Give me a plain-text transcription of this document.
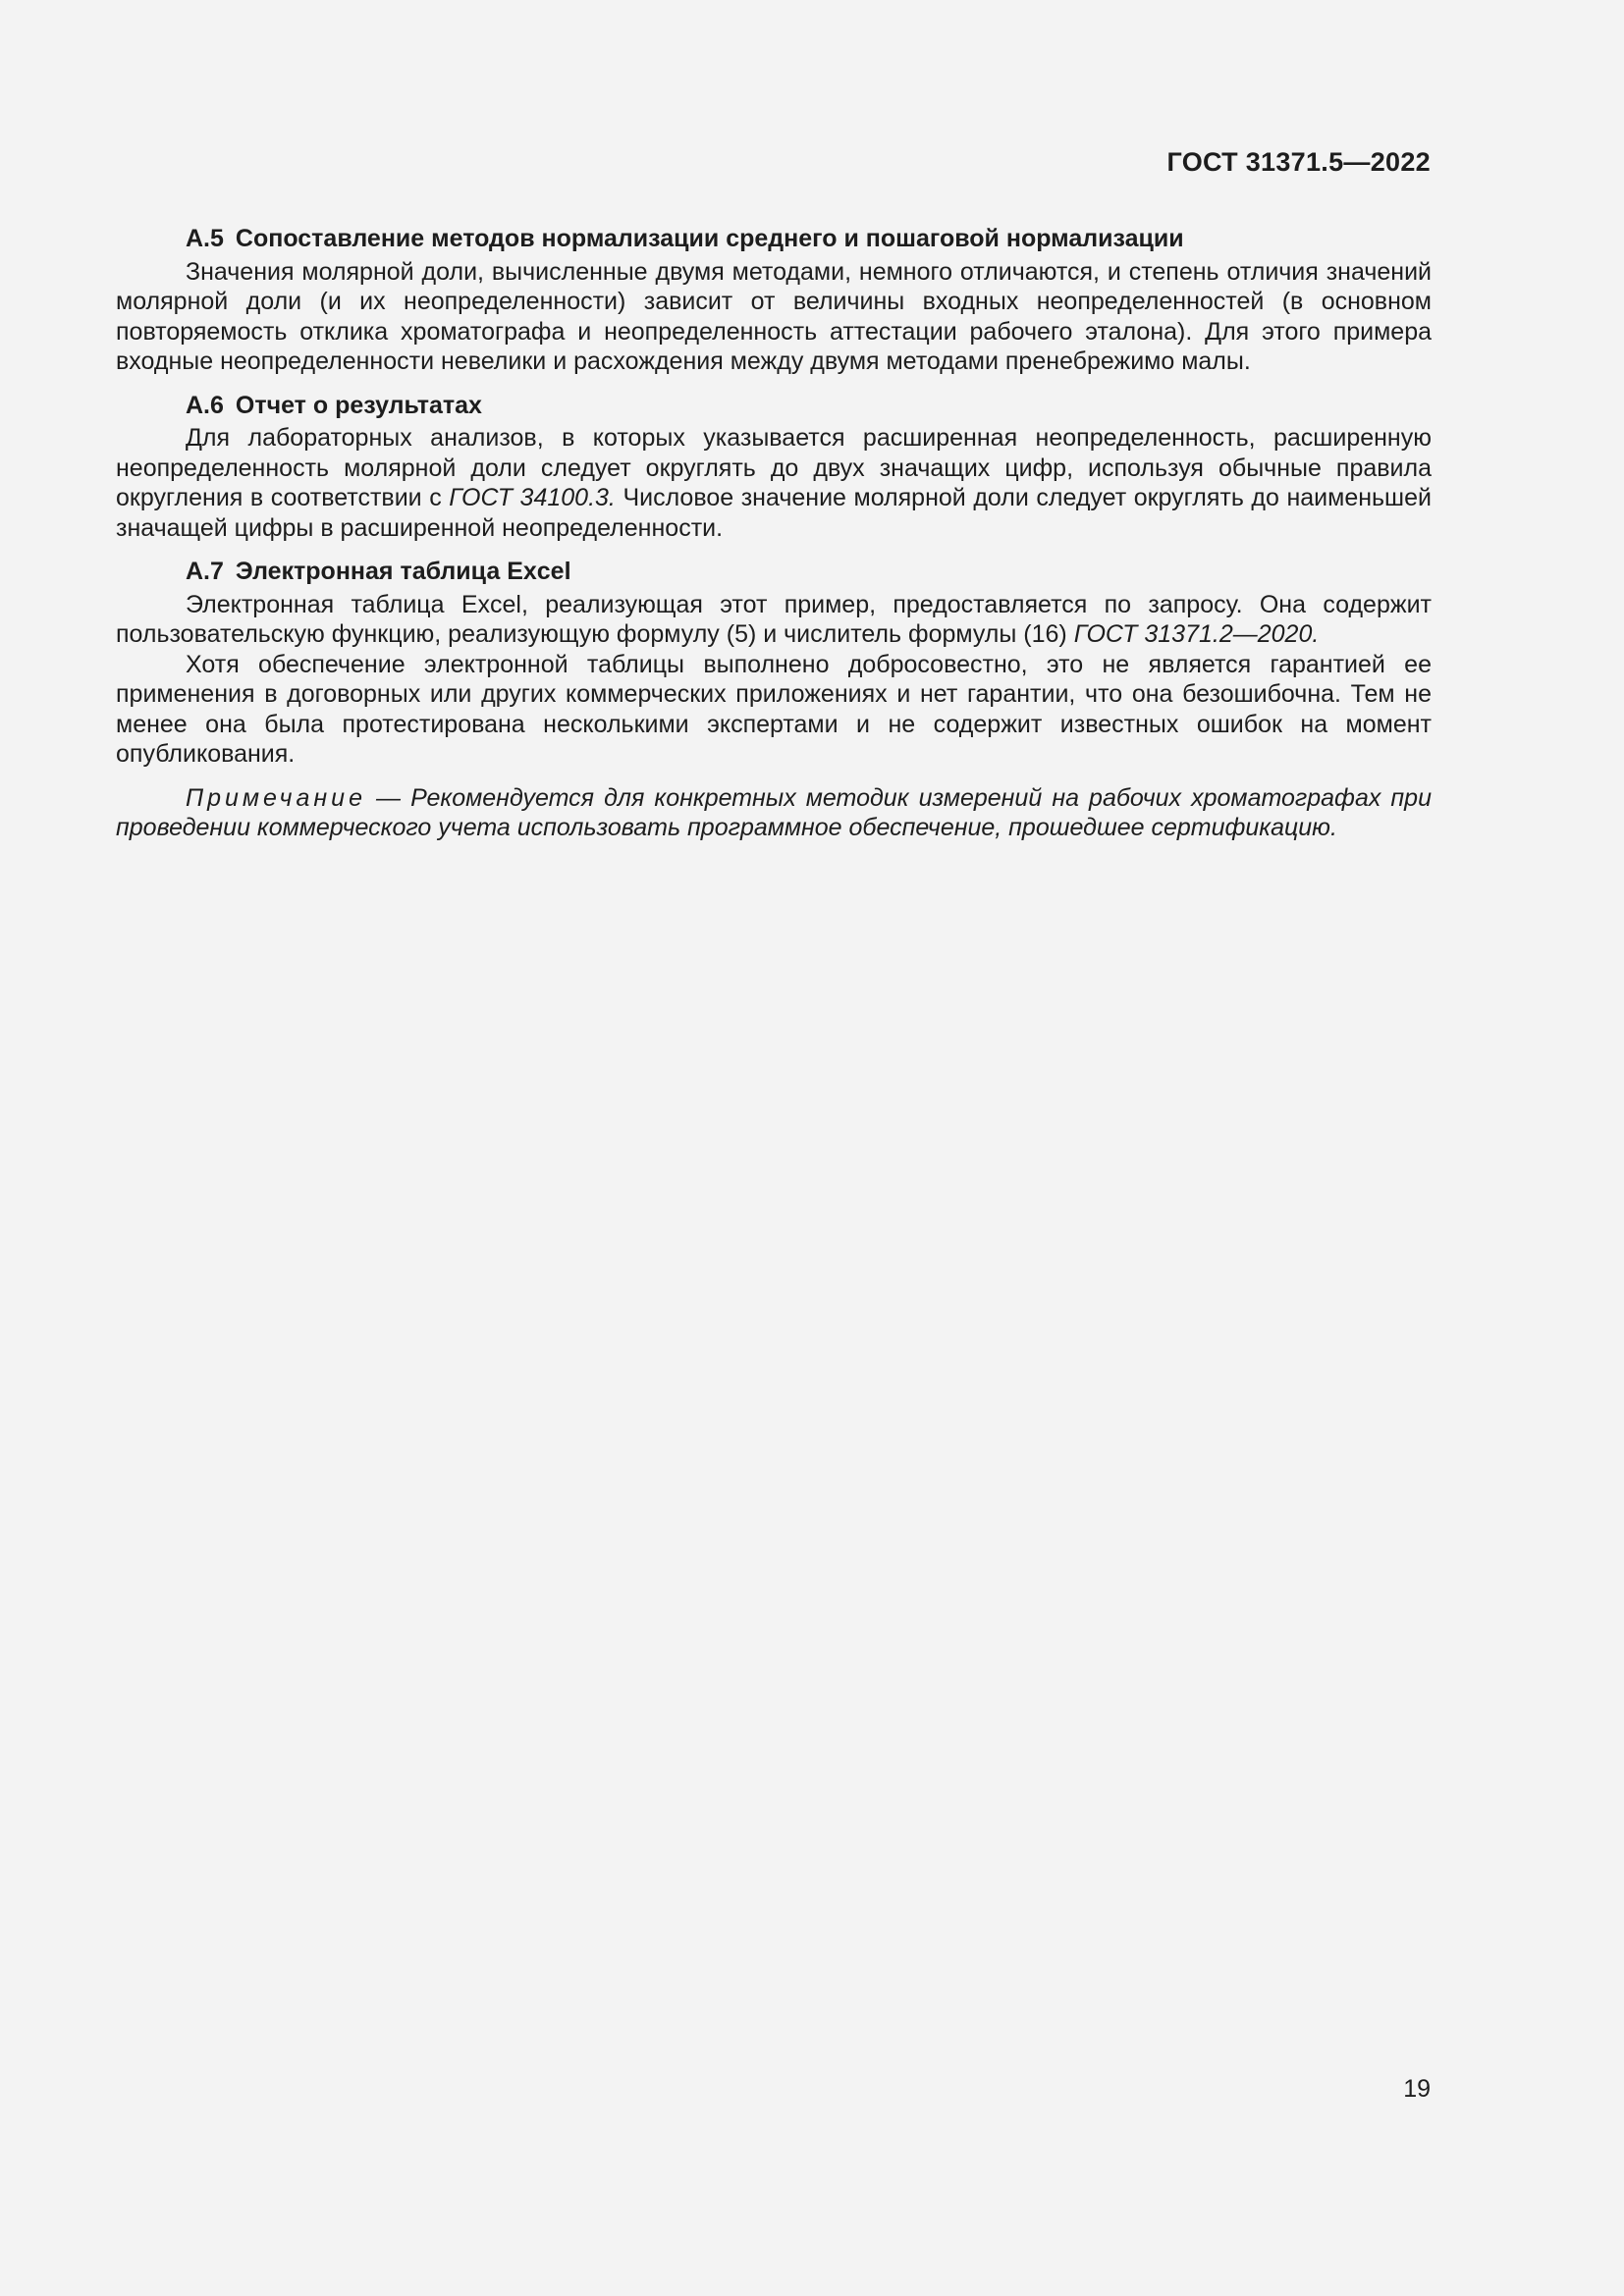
ГОСТ 31371.5—2022
А.5 Сопоставление методов нормализации среднего и пошаговой нормализации

Значения молярной доли, вычисленные двумя методами, немного отличаются, и степень отличия значений молярной доли (и их неопределенности) зависит от величины входных неопределенностей (в основном повторяемость отклика хроматографа и неопределенность аттестации рабочего эталона). Для этого примера входные неопределенности невелики и расхождения между двумя методами пренебрежимо малы.

А.6 Отчет о результатах

Для лабораторных анализов, в которых указывается расширенная неопределенность, расширенную неопределенность молярной доли следует округлять до двух значащих цифр, используя обычные правила округления в соответствии с ГОСТ 34100.3. Числовое значение молярной доли следует округлять до наименьшей значащей цифры в расширенной неопределенности.

А.7 Электронная таблица Excel

Электронная таблица Excel, реализующая этот пример, предоставляется по запросу. Она содержит пользовательскую функцию, реализующую формулу (5) и числитель формулы (16) ГОСТ 31371.2—2020.

Хотя обеспечение электронной таблицы выполнено добросовестно, это не является гарантией ее применения в договорных или других коммерческих приложениях и нет гарантии, что она безошибочна. Тем не менее она была протестирована несколькими экспертами и не содержит известных ошибок на момент опубликования.

Примечание — Рекомендуется для конкретных методик измерений на рабочих хроматографах при проведении коммерческого учета использовать программное обеспечение, прошедшее сертификацию.
19
